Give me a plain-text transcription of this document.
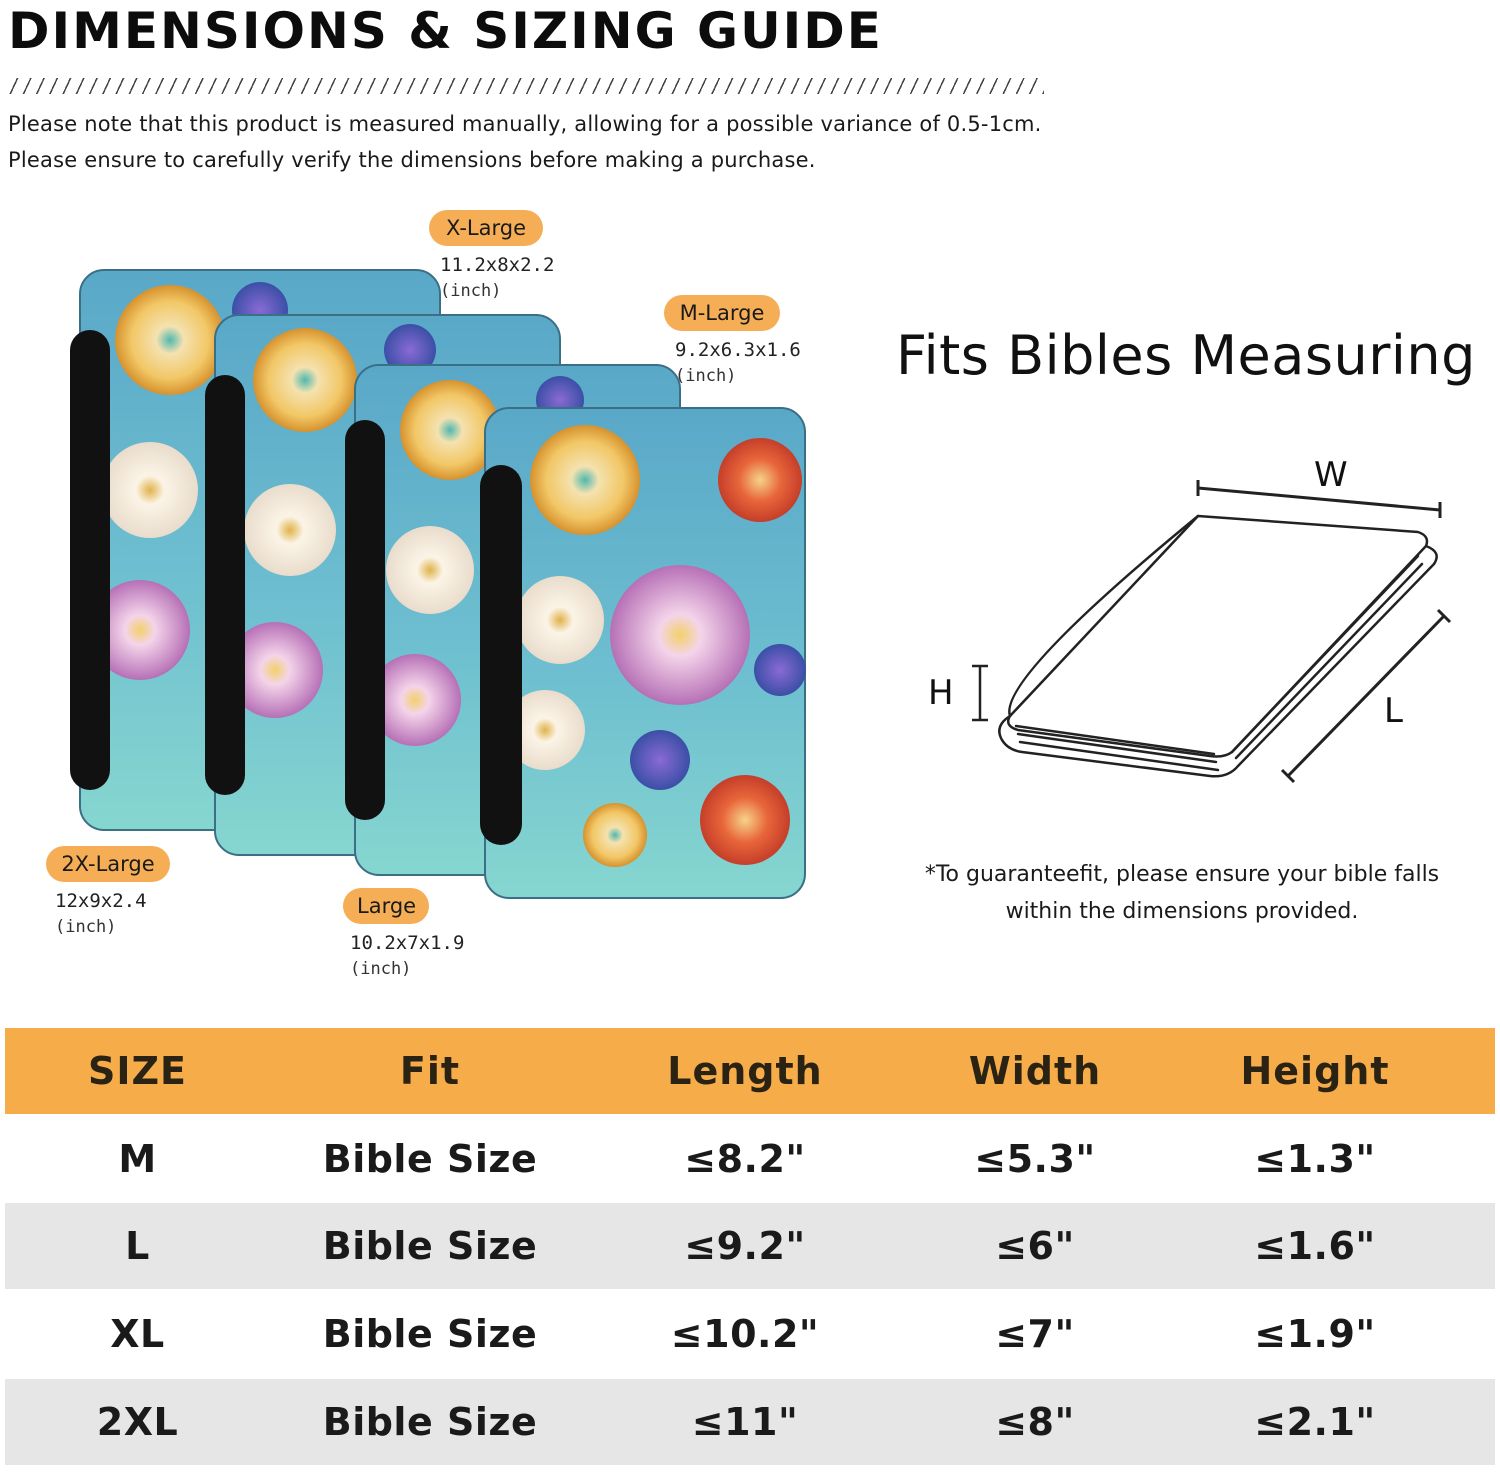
DIMENSIONS & SIZING GUIDE
Please note that this product is measured manually, allowing for a possible variance of 0.5-1cm.
Please ensure to carefully verify the dimensions before making a purchase.
X-Large
11.2x8x2.2
(inch)
M-Large
9.2x6.3x1.6
(inch)
2X-Large
12x9x2.4
(inch)
Large
10.2x7x1.9
(inch)
Fits Bibles Measuring
W
H	L
*To guaranteefit, please ensure your bible falls
within the dimensions provided.
SIZE	Fit	Length	Width	Height
M	Bible Size	≤8.2"	≤5.3"	≤1.3"
L	Bible Size	≤9.2"	≤6"	≤1.6"
XL	Bible Size	≤10.2"	≤7"	≤1.9"
2XL	Bible Size	≤11"	≤8"	≤2.1"
